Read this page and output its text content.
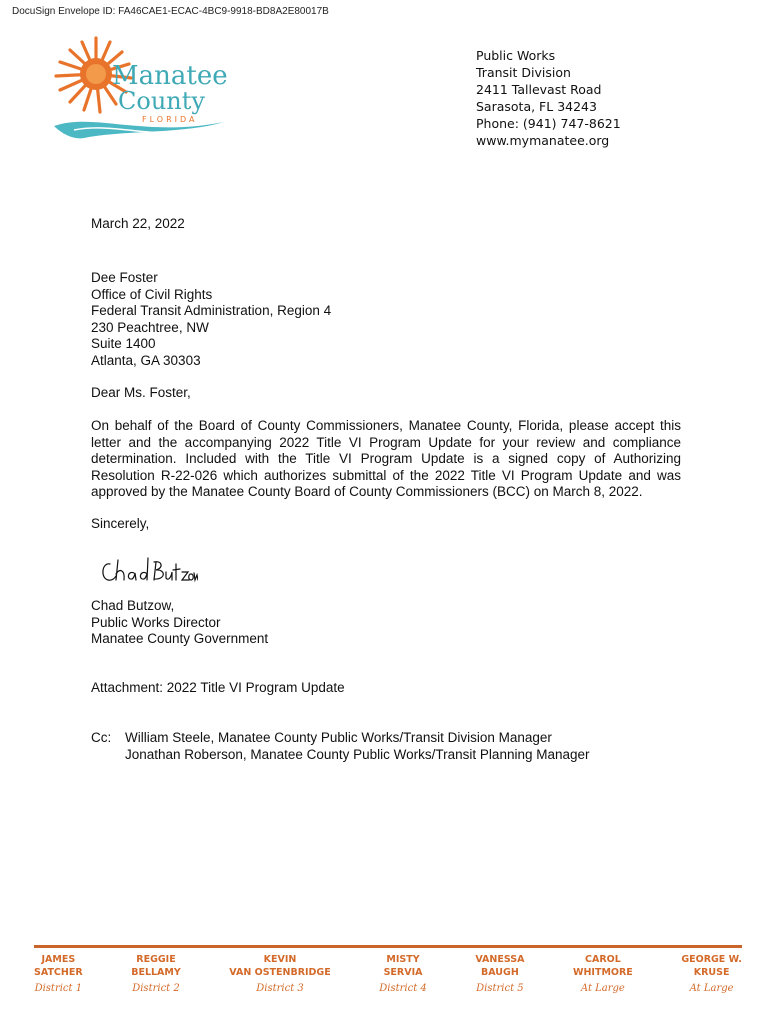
DocuSign Envelope ID: FA46CAE1-ECAC-4BC9-9918-BD8A2E80017B
Manatee
County
FLORIDA
Public Works
Transit Division
2411 Tallevast Road
Sarasota, FL 34243
Phone: (941) 747-8621
www.mymanatee.org
March 22, 2022
Dee Foster
Office of Civil Rights
Federal Transit Administration, Region 4
230 Peachtree, NW
Suite 1400
Atlanta, GA 30303
Dear Ms. Foster,
On behalf of the Board of County Commissioners, Manatee County, Florida, please accept this letter and the accompanying 2022 Title VI Program Update for your review and compliance determination. Included with the Title VI Program Update is a signed copy of Authorizing Resolution R-22-026 which authorizes submittal of the 2022 Title VI Program Update and was approved by the Manatee County Board of County Commissioners (BCC) on March 8, 2022.
Sincerely,
Chad Butzow,
Public Works Director
Manatee County Government
Attachment: 2022 Title VI Program Update
Cc:	William Steele, Manatee County Public Works/Transit Division Manager
Jonathan Roberson, Manatee County Public Works/Transit Planning Manager
JAMES
SATCHER
District 1
REGGIE
BELLAMY
District 2
KEVIN
VAN OSTENBRIDGE
District 3
MISTY
SERVIA
District 4
VANESSA
BAUGH
District 5
CAROL
WHITMORE
At Large
GEORGE W.
KRUSE
At Large
